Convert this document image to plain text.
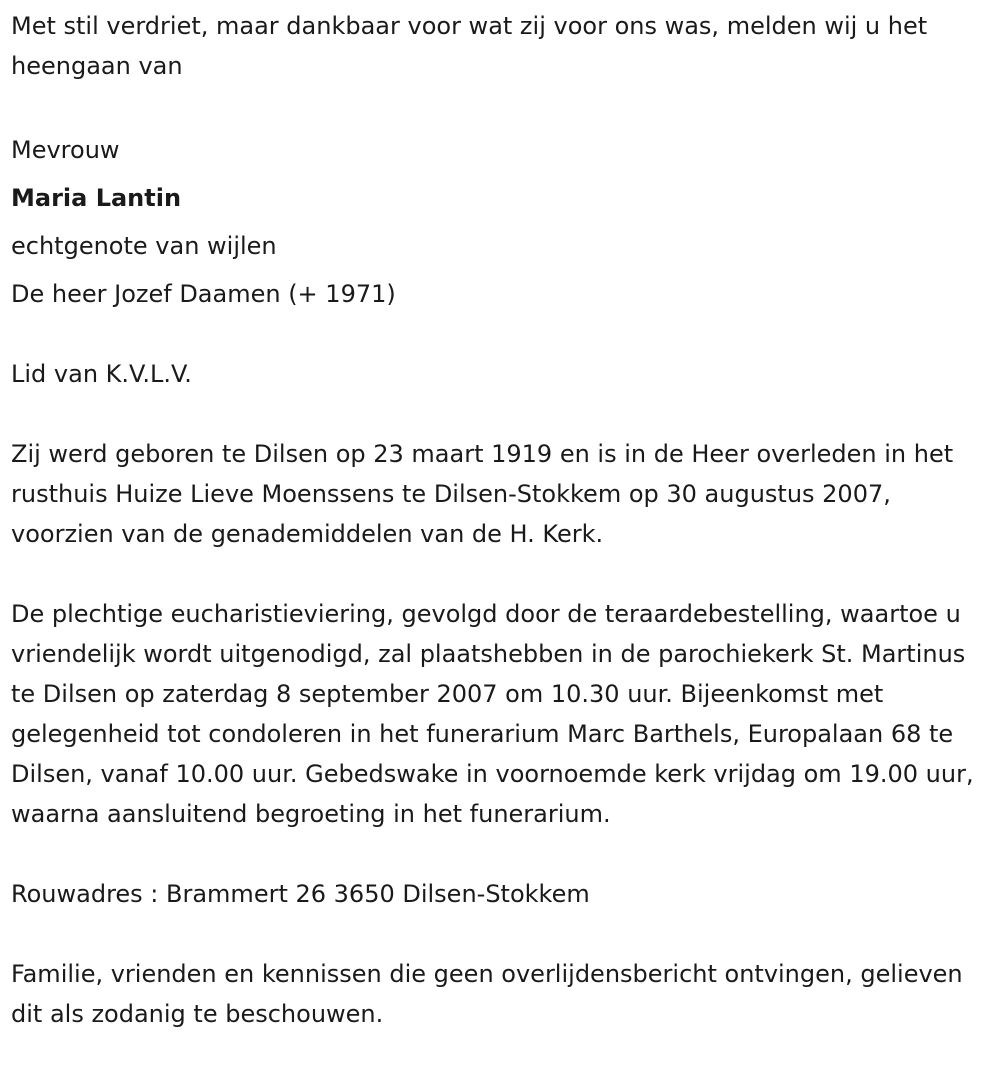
Met stil verdriet, maar dankbaar voor wat zij voor ons was, melden wij u het heengaan van

Mevrouw

Maria Lantin

echtgenote van wijlen

De heer Jozef Daamen (+ 1971)

Lid van K.V.L.V.

Zij werd geboren te Dilsen op 23 maart 1919 en is in de Heer overleden in het rusthuis Huize Lieve Moenssens te Dilsen-Stokkem op 30 augustus 2007, voorzien van de genademiddelen van de H. Kerk.

De plechtige eucharistieviering, gevolgd door de teraardebestelling, waartoe u vriendelijk wordt uitgenodigd, zal plaatshebben in de parochiekerk St. Martinus te Dilsen op zaterdag 8 september 2007 om 10.30 uur. Bijeenkomst met gelegenheid tot condoleren in het funerarium Marc Barthels, Europalaan 68 te Dilsen, vanaf 10.00 uur. Gebedswake in voornoemde kerk vrijdag om 19.00 uur, waarna aansluitend begroeting in het funerarium.

Rouwadres : Brammert 26 3650 Dilsen-Stokkem

Familie, vrienden en kennissen die geen overlijdensbericht ontvingen, gelieven dit als zodanig te beschouwen.
